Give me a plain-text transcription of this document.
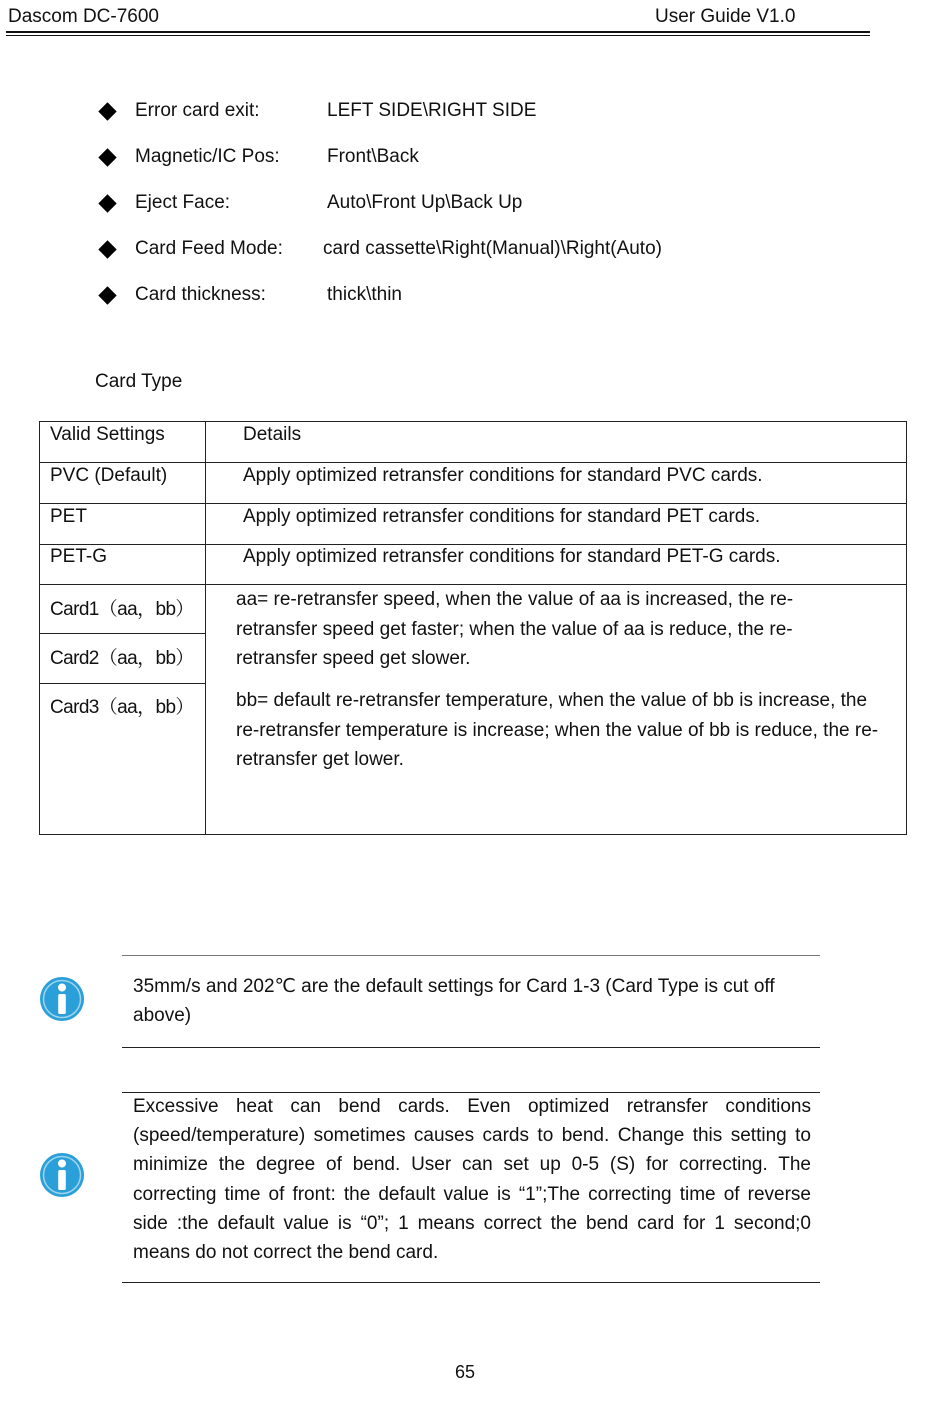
Dascom DC-7600	User Guide V1.0
Error card exit:	LEFT SIDE\RIGHT SIDE
Magnetic/IC Pos:	Front\Back
Eject Face:	Auto\Front Up\Back Up
Card Feed Mode:	card cassette\Right(Manual)\Right(Auto)
Card thickness:	thick\thin
Card Type
Valid Settings	Details
PVC (Default)	Apply optimized retransfer conditions for standard PVC cards.
PET	Apply optimized retransfer conditions for standard PET cards.
PET-G	Apply optimized retransfer conditions for standard PET-G cards.
Card1（aa，bb）
Card2（aa，bb）
Card3（aa，bb）
aa= re-retransfer speed, when the value of aa is increased, the re-retransfer speed get faster; when the value of aa is reduce, the re-retransfer speed get slower.
bb= default re-retransfer temperature, when the value of bb is increase, the re-retransfer temperature is increase; when the value of bb is reduce, the re-retransfer get lower.
35mm/s and 202℃ are the default settings for Card 1-3 (Card Type is cut off above)
Excessive heat can bend cards. Even optimized retransfer conditions (speed/temperature) sometimes causes cards to bend. Change this setting to minimize the degree of bend. User can set up 0-5 (S) for correcting. The correcting time of front: the default value is “1”;The correcting time of reverse side :the default value is “0”; 1 means correct the bend card for 1 second;0 means do not correct the bend card.
65
